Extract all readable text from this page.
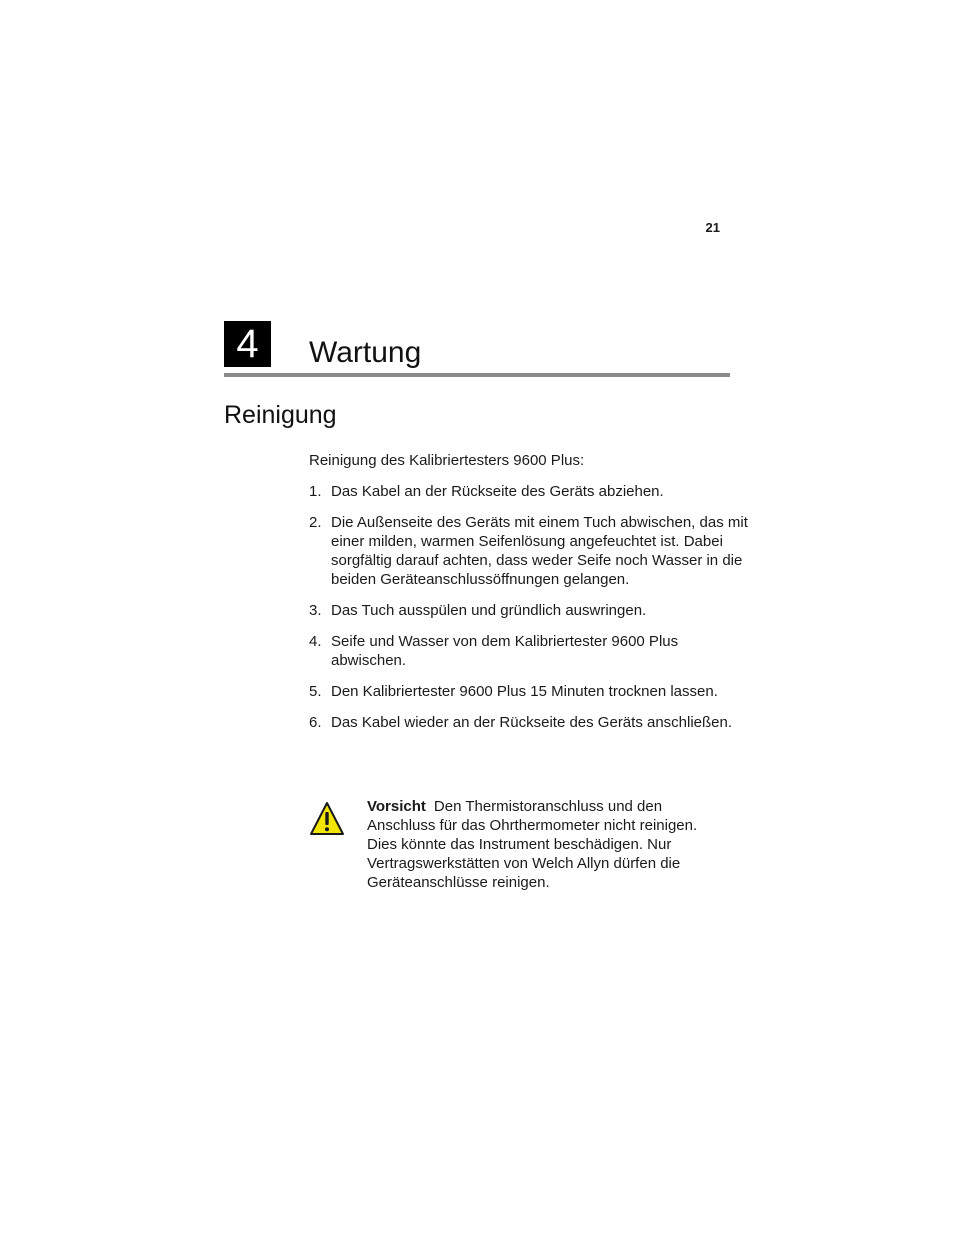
21
4	Wartung
Reinigung

Reinigung des Kalibriertesters 9600 Plus:

1. Das Kabel an der Rückseite des Geräts abziehen.
2. Die Außenseite des Geräts mit einem Tuch abwischen, das mit einer milden, warmen Seifenlösung angefeuchtet ist. Dabei sorgfältig darauf achten, dass weder Seife noch Wasser in die beiden Geräteanschlussöffnungen gelangen.
3. Das Tuch ausspülen und gründlich auswringen.
4. Seife und Wasser von dem Kalibriertester 9600 Plus abwischen.
5. Den Kalibriertester 9600 Plus 15 Minuten trocknen lassen.
6. Das Kabel wieder an der Rückseite des Geräts anschließen.
Vorsicht Den Thermistoranschluss und den Anschluss für das Ohrthermometer nicht reinigen. Dies könnte das Instrument beschädigen. Nur Vertragswerkstätten von Welch Allyn dürfen die Geräteanschlüsse reinigen.
